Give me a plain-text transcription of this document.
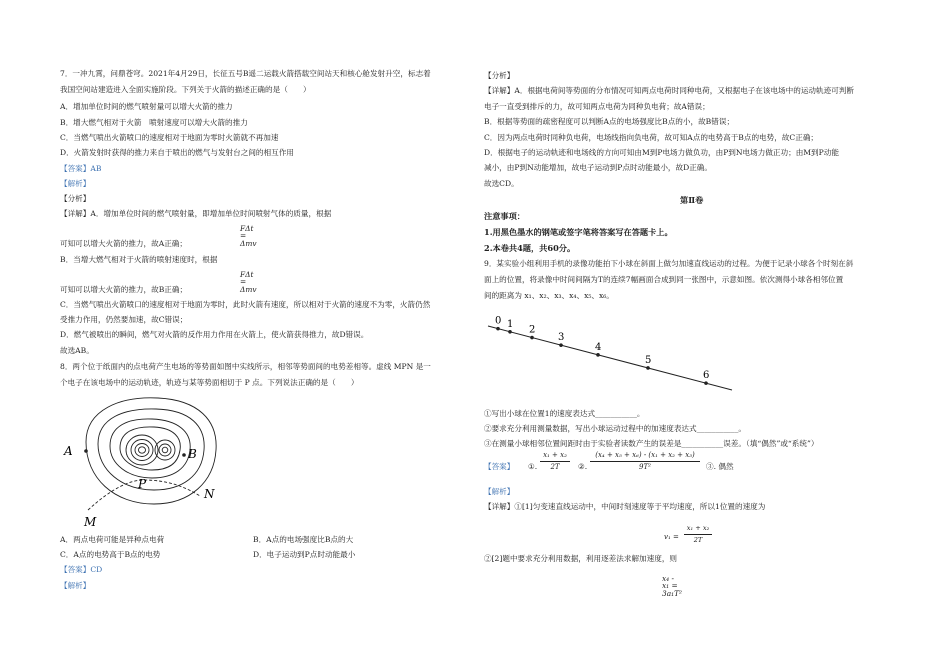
7．一冲九霄，问鼎苍穹。2021年4月29日，长征五号B遥二运载火箭搭载空间站天和核心舱发射升空，标志着
我国空间站建造进入全面实施阶段。下列关于火箭的描述正确的是（　　）
A．增加单位时间的燃气喷射量可以增大火箭的推力
B．增大燃气相对于火箭　喷射速度可以增大火箭的推力
C．当燃气喷出火箭喷口的速度相对于地面为零时火箭就不再加速
D．火箭发射时获得的推力来自于喷出的燃气与发射台之间的相互作用
【答案】AB
【解析】
【分析】
【详解】A．增加单位时间的燃气喷射量，即增加单位时间喷射气体的质量，根据
FΔt = Δmv
可知可以增大火箭的推力，故A正确；
B．当增大燃气相对于火箭的喷射速度时，根据
FΔt = Δmv
可知可以增大火箭的推力，故B正确；
C．当燃气喷出火箭喷口的速度相对于地面为零时，此时火箭有速度，所以相对于火箭的速度不为零，火箭仍然
受推力作用，仍然要加速，故C错误；
D．燃气被喷出的瞬间，燃气对火箭的反作用力作用在火箭上，使火箭获得推力，故D错误。
故选AB。
8．两个位于纸面内的点电荷产生电场的等势面如图中实线所示，相邻等势面间的电势差相等。虚线 MPN 是一
个电子在该电场中的运动轨迹，轨迹与某等势面相切于 P 点。下列说法正确的是（　　）
A	B
P
N
M
A．两点电荷可能是异种点电荷	B．A点的电场强度比B点的大
C．A点的电势高于B点的电势	D．电子运动到P点时动能最小
【答案】CD
【解析】
【分析】
【详解】A．根据电荷间等势面的分布情况可知两点电荷时同种电荷，又根据电子在该电场中的运动轨迹可判断
电子一直受到排斥的力，故可知两点电荷为同种负电荷；故A错误；
B．根据等势面的疏密程度可以判断A点的电场强度比B点的小，故B错误；
C．因为两点电荷时同种负电荷，电场线指向负电荷，故可知A点的电势高于B点的电势，故C正确；
D．根据电子的运动轨迹和电场线的方向可知由M到P电场力做负功，由P到N电场力做正功；由M到P动能
减小，由P到N动能增加，故电子运动到P点时动能最小，故D正确。
故选CD。
第Ⅱ卷
注意事项：
1.用黑色墨水的钢笔或签字笔将答案写在答题卡上。
2.本卷共4题，共60分。
9．某实验小组利用手机的录像功能拍下小球在斜面上做匀加速直线运动的过程。为便于记录小球各个时刻在斜
面上的位置，将录像中时间间隔为T的连续7幅画面合成到同一张图中，示意如图。依次测得小球各相邻位置
间的距离为 x₁、x₂、x₃、x₄、x₅、x₆。
0 1
2
3
4
5
6
①写出小球在位置1的速度表达式___________。
②要求充分利用测量数据，写出小球运动过程中的加速度表达式___________。
③在测量小球相邻位置间距时由于实验者读数产生的误差是___________误差。（填“偶然”或“系统”）
【答案】 ①. $\frac{\text{x₁ + x₂}}{2T}$ ②. $\frac{\text{(x₄ + x₅ + x₆) - (x₁ + x₂ + x₃)}}{\text{9T²}}$ ③. 偶然
【解析】
【详解】①[1]匀变速直线运动中，中间时刻速度等于平均速度，所以1位置的速度为
$v_1 = \frac{\text{x₁ + x₂}}{2T}$
②[2]题中要求充分利用数据，利用逐差法求解加速度，则
x₄ - x₁ = 3a₁T²
